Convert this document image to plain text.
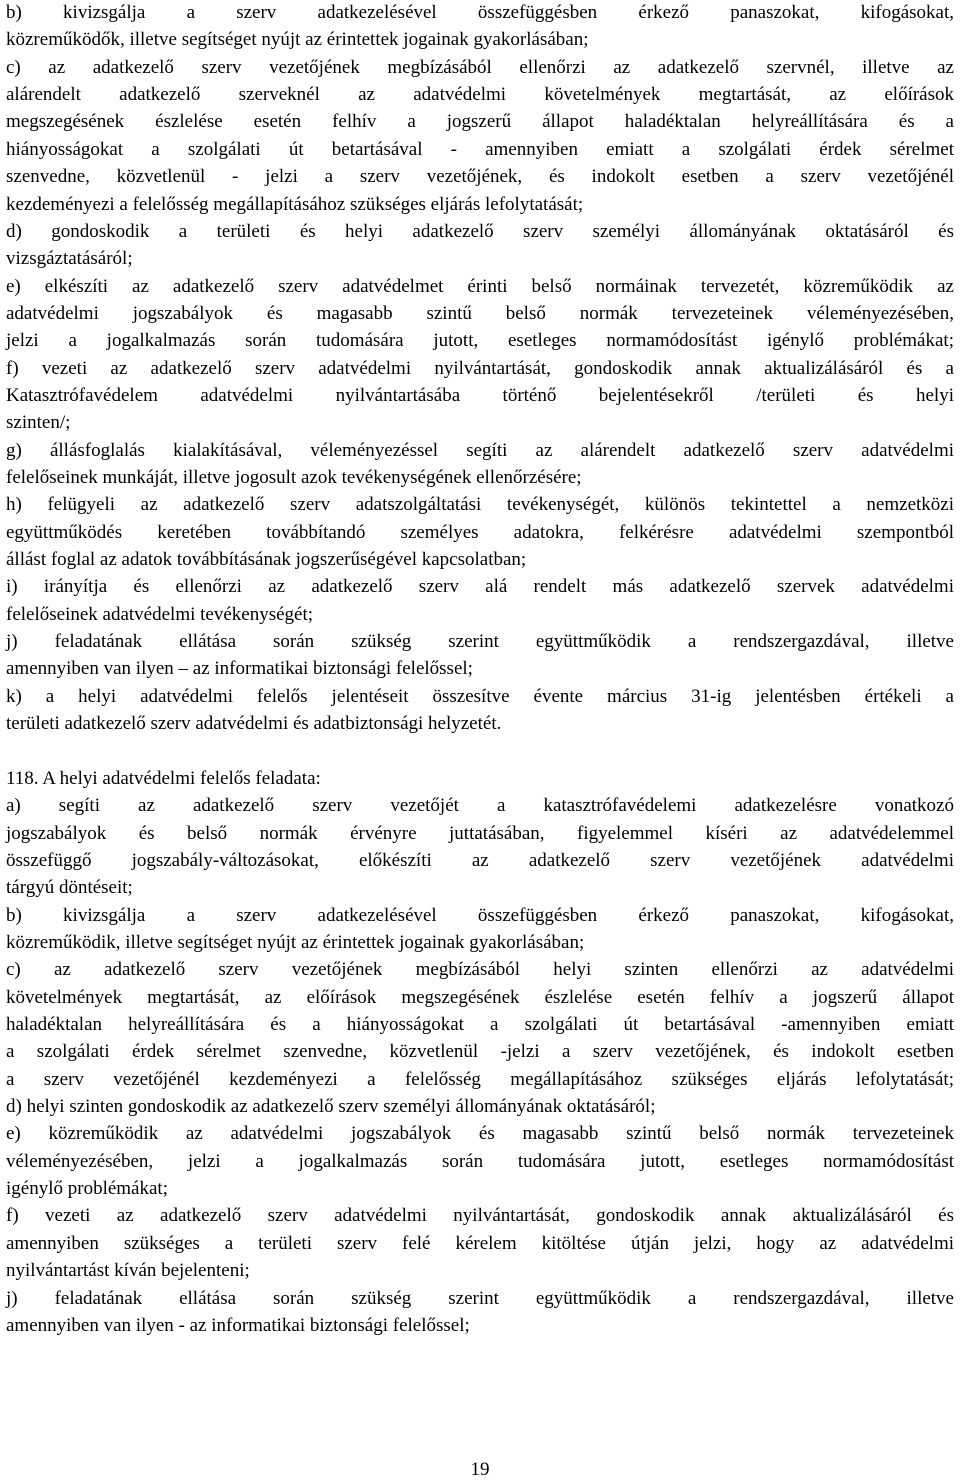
b) kivizsgálja a szerv adatkezelésével összefüggésben érkező panaszokat, kifogásokat,
közreműködők, illetve segítséget nyújt az érintettek jogainak gyakorlásában;
c) az adatkezelő szerv vezetőjének megbízásából ellenőrzi az adatkezelő szervnél, illetve az
alárendelt adatkezelő szerveknél az adatvédelmi követelmények megtartását, az előírások
megszegésének észlelése esetén felhív a jogszerű állapot haladéktalan helyreállítására és a
hiányosságokat a szolgálati út betartásával - amennyiben emiatt a szolgálati érdek sérelmet
szenvedne, közvetlenül - jelzi a szerv vezetőjének, és indokolt esetben a szerv vezetőjénél
kezdeményezi a felelősség megállapításához szükséges eljárás lefolytatását;
d) gondoskodik a területi és helyi adatkezelő szerv személyi állományának oktatásáról és
vizsgáztatásáról;
e) elkészíti az adatkezelő szerv adatvédelmet érinti belső normáinak tervezetét, közreműködik az
adatvédelmi jogszabályok és magasabb szintű belső normák tervezeteinek véleményezésében,
jelzi a jogalkalmazás során tudomására jutott, esetleges normamódosítást igénylő problémákat;
f) vezeti az adatkezelő szerv adatvédelmi nyilvántartását, gondoskodik annak aktualizálásáról és a
Katasztrófavédelem adatvédelmi nyilvántartásába történő bejelentésekről /területi és helyi
szinten/;
g) állásfoglalás kialakításával, véleményezéssel segíti az alárendelt adatkezelő szerv adatvédelmi
felelőseinek munkáját, illetve jogosult azok tevékenységének ellenőrzésére;
h) felügyeli az adatkezelő szerv adatszolgáltatási tevékenységét, különös tekintettel a nemzetközi
együttműködés keretében továbbítandó személyes adatokra, felkérésre adatvédelmi szempontból
állást foglal az adatok továbbításának jogszerűségével kapcsolatban;
i) irányítja és ellenőrzi az adatkezelő szerv alá rendelt más adatkezelő szervek adatvédelmi
felelőseinek adatvédelmi tevékenységét;
j) feladatának ellátása során szükség szerint együttműködik a rendszergazdával, illetve
amennyiben van ilyen – az informatikai biztonsági felelőssel;
k) a helyi adatvédelmi felelős jelentéseit összesítve évente március 31-ig jelentésben értékeli a
területi adatkezelő szerv adatvédelmi és adatbiztonsági helyzetét.
118. A helyi adatvédelmi felelős feladata:
a) segíti az adatkezelő szerv vezetőjét a katasztrófavédelemi adatkezelésre vonatkozó
jogszabályok és belső normák érvényre juttatásában, figyelemmel kíséri az adatvédelemmel
összefüggő jogszabály-változásokat, előkészíti az adatkezelő szerv vezetőjének adatvédelmi
tárgyú döntéseit;
b) kivizsgálja a szerv adatkezelésével összefüggésben érkező panaszokat, kifogásokat,
közreműködik, illetve segítséget nyújt az érintettek jogainak gyakorlásában;
c) az adatkezelő szerv vezetőjének megbízásából helyi szinten ellenőrzi az adatvédelmi
követelmények megtartását, az előírások megszegésének észlelése esetén felhív a jogszerű állapot
haladéktalan helyreállítására és a hiányosságokat a szolgálati út betartásával -amennyiben emiatt
a szolgálati érdek sérelmet szenvedne, közvetlenül -jelzi a szerv vezetőjének, és indokolt esetben
a szerv vezetőjénél kezdeményezi a felelősség megállapításához szükséges eljárás lefolytatását;
d) helyi szinten gondoskodik az adatkezelő szerv személyi állományának oktatásáról;
e) közreműködik az adatvédelmi jogszabályok és magasabb szintű belső normák tervezeteinek
véleményezésében, jelzi a jogalkalmazás során tudomására jutott, esetleges normamódosítást
igénylő problémákat;
f) vezeti az adatkezelő szerv adatvédelmi nyilvántartását, gondoskodik annak aktualizálásáról és
amennyiben szükséges a területi szerv felé kérelem kitöltése útján jelzi, hogy az adatvédelmi
nyilvántartást kíván bejelenteni;
j) feladatának ellátása során szükség szerint együttműködik a rendszergazdával, illetve
amennyiben van ilyen - az informatikai biztonsági felelőssel;
19
